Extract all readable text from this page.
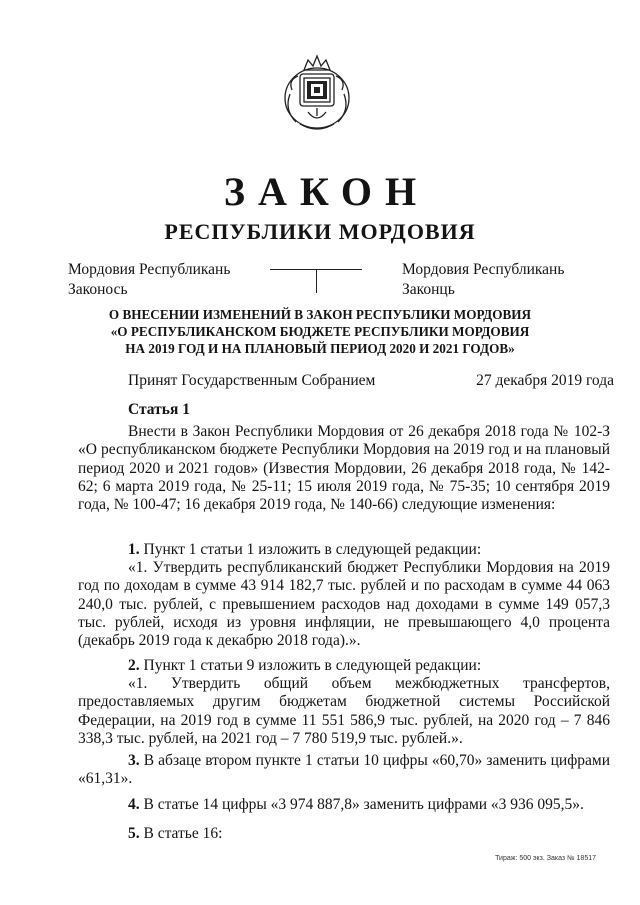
ЗАКОН
РЕСПУБЛИКИ МОРДОВИЯ
Мордовия Республикань
Законось
Мордовия Республикань
Законць
О ВНЕСЕНИИ ИЗМЕНЕНИЙ В ЗАКОН РЕСПУБЛИКИ МОРДОВИЯ
«О РЕСПУБЛИКАНСКОМ БЮДЖЕТЕ РЕСПУБЛИКИ МОРДОВИЯ
НА 2019 ГОД И НА ПЛАНОВЫЙ ПЕРИОД 2020 И 2021 ГОДОВ»
Принят Государственным Собранием	27 декабря 2019 года
Статья 1
Внести в Закон Республики Мордовия от 26 декабря 2018 года № 102-З «О республиканском бюджете Республики Мордовия на 2019 год и на плановый период 2020 и 2021 годов» (Известия Мордовии, 26 декабря 2018 года, № 142-62; 6 марта 2019 года, № 25-11; 15 июля 2019 года, № 75-35; 10 сентября 2019 года, № 100-47; 16 декабря 2019 года, № 140-66) следующие изменения:
1. Пункт 1 статьи 1 изложить в следующей редакции:
«1. Утвердить республиканский бюджет Республики Мордовия на 2019 год по доходам в сумме 43 914 182,7 тыс. рублей и по расходам в сумме 44 063 240,0 тыс. рублей, с превышением расходов над доходами в сумме 149 057,3 тыс. рублей, исходя из уровня инфляции, не превышающего 4,0 процента (декабрь 2019 года к декабрю 2018 года).».
2. Пункт 1 статьи 9 изложить в следующей редакции:
«1. Утвердить общий объем межбюджетных трансфертов, предоставляемых другим бюджетам бюджетной системы Российской Федерации, на 2019 год в сумме 11 551 586,9 тыс. рублей, на 2020 год – 7 846 338,3 тыс. рублей, на 2021 год – 7 780 519,9 тыс. рублей.».
3. В абзаце втором пункте 1 статьи 10 цифры «60,70» заменить цифрами «61,31».
4. В статье 14 цифры «3 974 887,8» заменить цифрами «3 936 095,5».
5. В статье 16:
Тираж: 500 экз. Заказ № 18517
